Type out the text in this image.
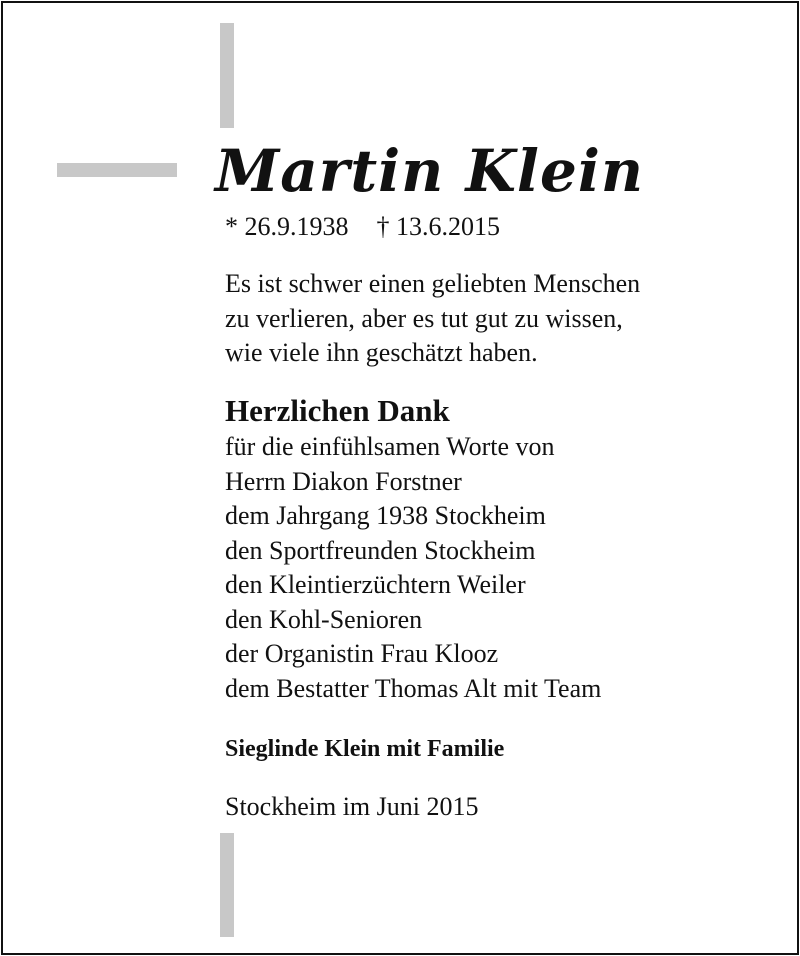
Martin Klein
* 26.9.1938 † 13.6.2015
Es ist schwer einen geliebten Menschen
zu verlieren, aber es tut gut zu wissen,
wie viele ihn geschätzt haben.
Herzlichen Dank
für die einfühlsamen Worte von
Herrn Diakon Forstner
dem Jahrgang 1938 Stockheim
den Sportfreunden Stockheim
den Kleintierzüchtern Weiler
den Kohl-Senioren
der Organistin Frau Klooz
dem Bestatter Thomas Alt mit Team
Sieglinde Klein mit Familie
Stockheim im Juni 2015
